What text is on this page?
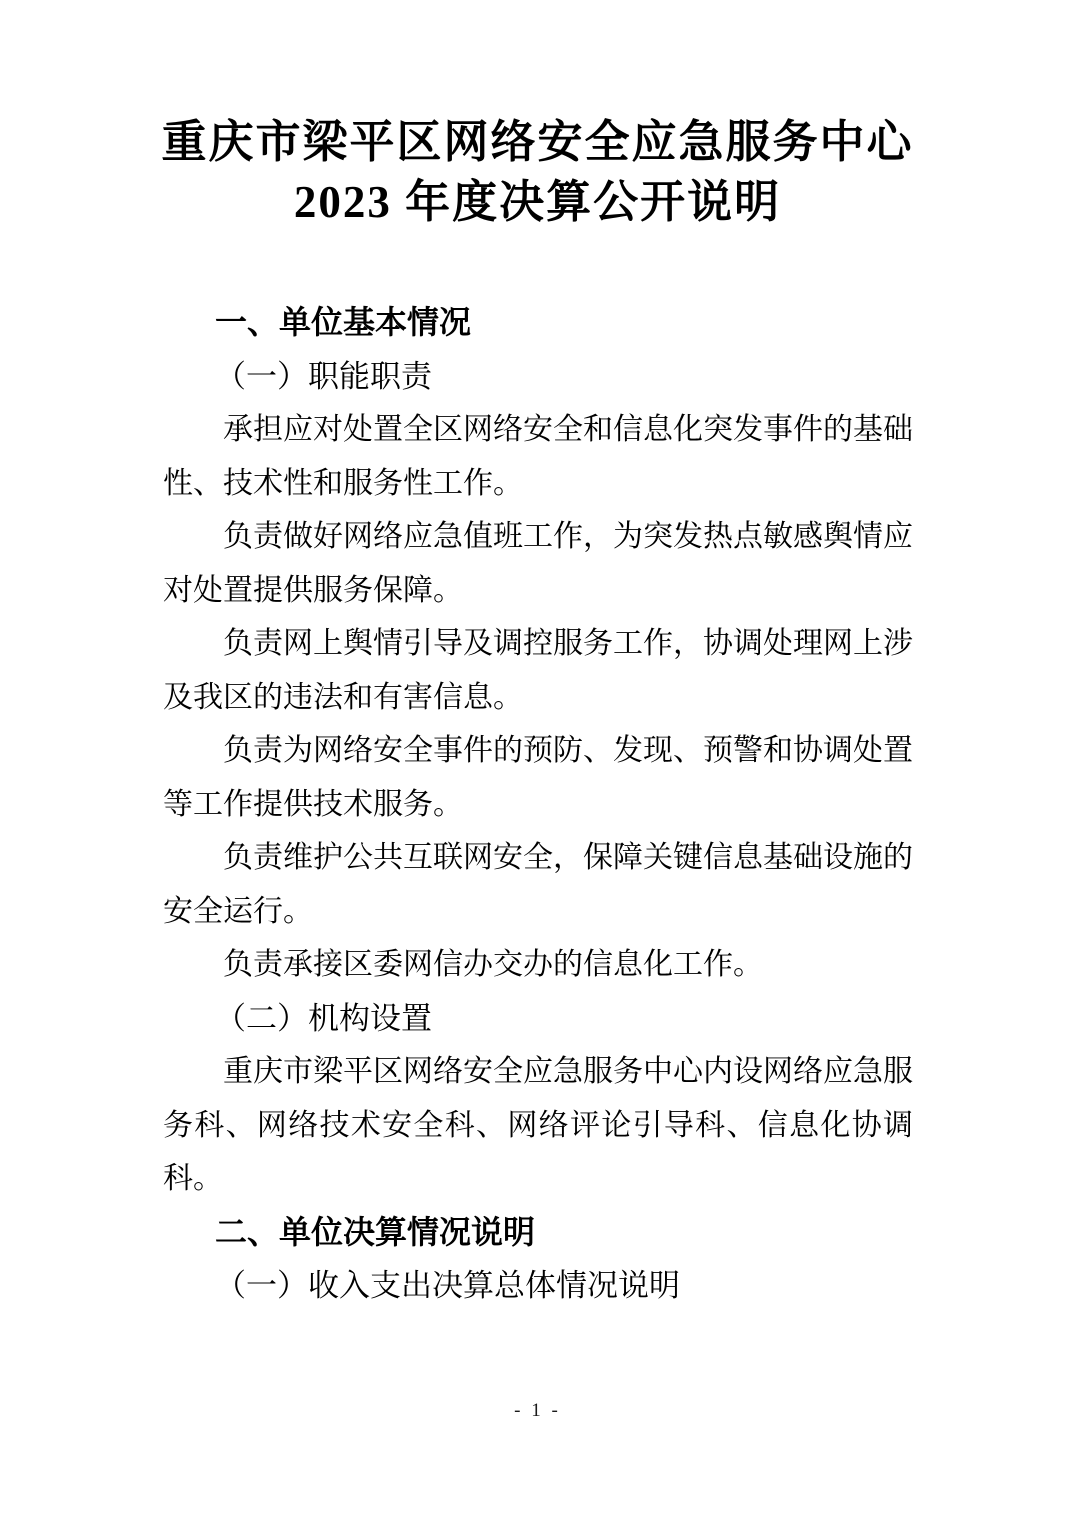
重庆市梁平区网络安全应急服务中心
2023 年度决算公开说明
一、单位基本情况
（一）职能职责

承担应对处置全区网络安全和信息化突发事件的基础性、技术性和服务性工作。

负责做好网络应急值班工作，为突发热点敏感舆情应对处置提供服务保障。

负责网上舆情引导及调控服务工作，协调处理网上涉及我区的违法和有害信息。

负责为网络安全事件的预防、发现、预警和协调处置等工作提供技术服务。

负责维护公共互联网安全，保障关键信息基础设施的安全运行。

负责承接区委网信办交办的信息化工作。

（二）机构设置

重庆市梁平区网络安全应急服务中心内设网络应急服务科、网络技术安全科、网络评论引导科、信息化协调科。

二、单位决算情况说明
（一）收入支出决算总体情况说明
- 1 -
